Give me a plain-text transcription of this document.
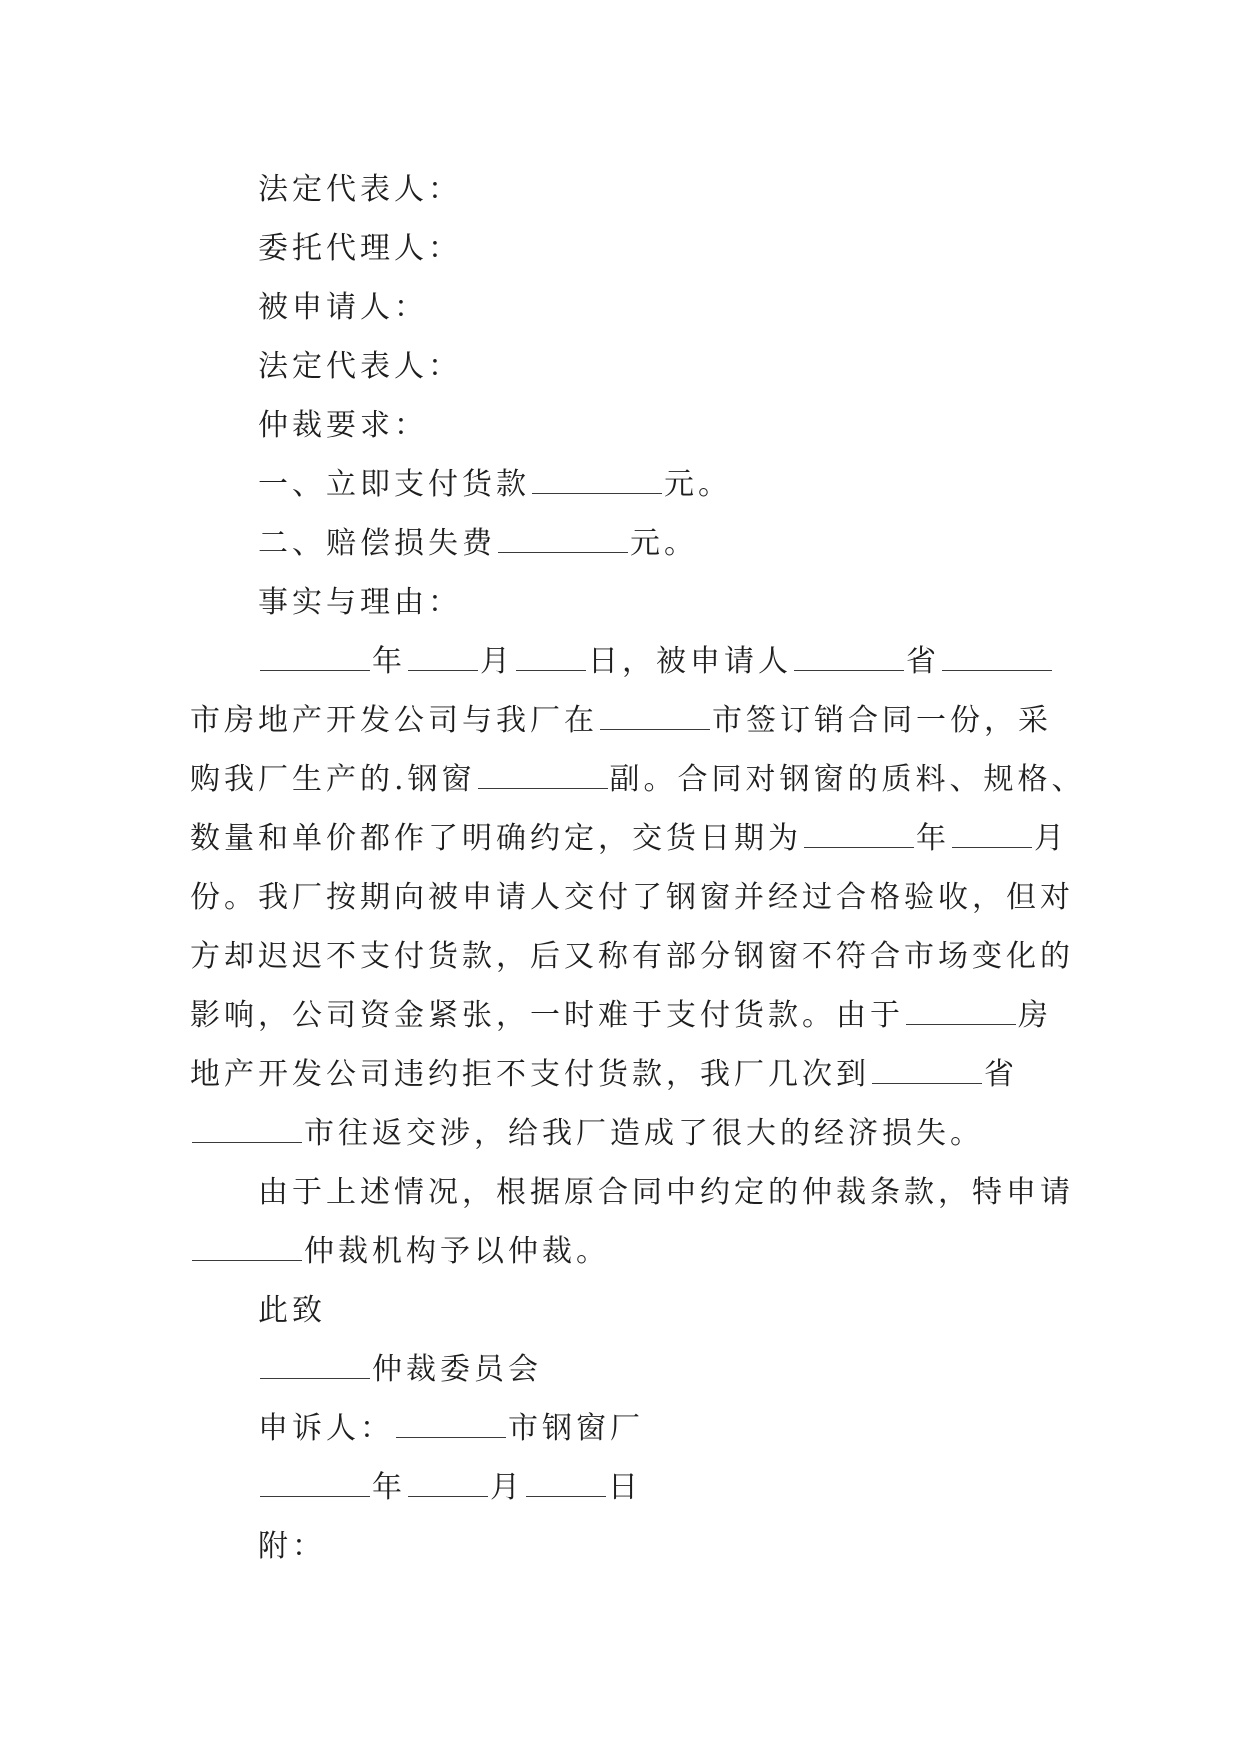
法定代表人：
委托代理人：
被申请人：
法定代表人：
仲裁要求：
一、立即支付货款	元。
二、赔偿损失费	元。
事实与理由：
年 月 日，被申请人	省
市房地产开发公司与我厂在	市签订销合同一份，采
购我厂生产的.钢窗	副。合同对钢窗的质料、规格、
数量和单价都作了明确约定，交货日期为	年	月
份。我厂按期向被申请人交付了钢窗并经过合格验收，但对
方却迟迟不支付货款，后又称有部分钢窗不符合市场变化的
影响，公司资金紧张，一时难于支付货款。由于	房
地产开发公司违约拒不支付货款，我厂几次到	省
市往返交涉，给我厂造成了很大的经济损失。
由于上述情况，根据原合同中约定的仲裁条款，特申请
仲裁机构予以仲裁。
此致
仲裁委员会
申诉人：	市钢窗厂
年	月	日
附：
